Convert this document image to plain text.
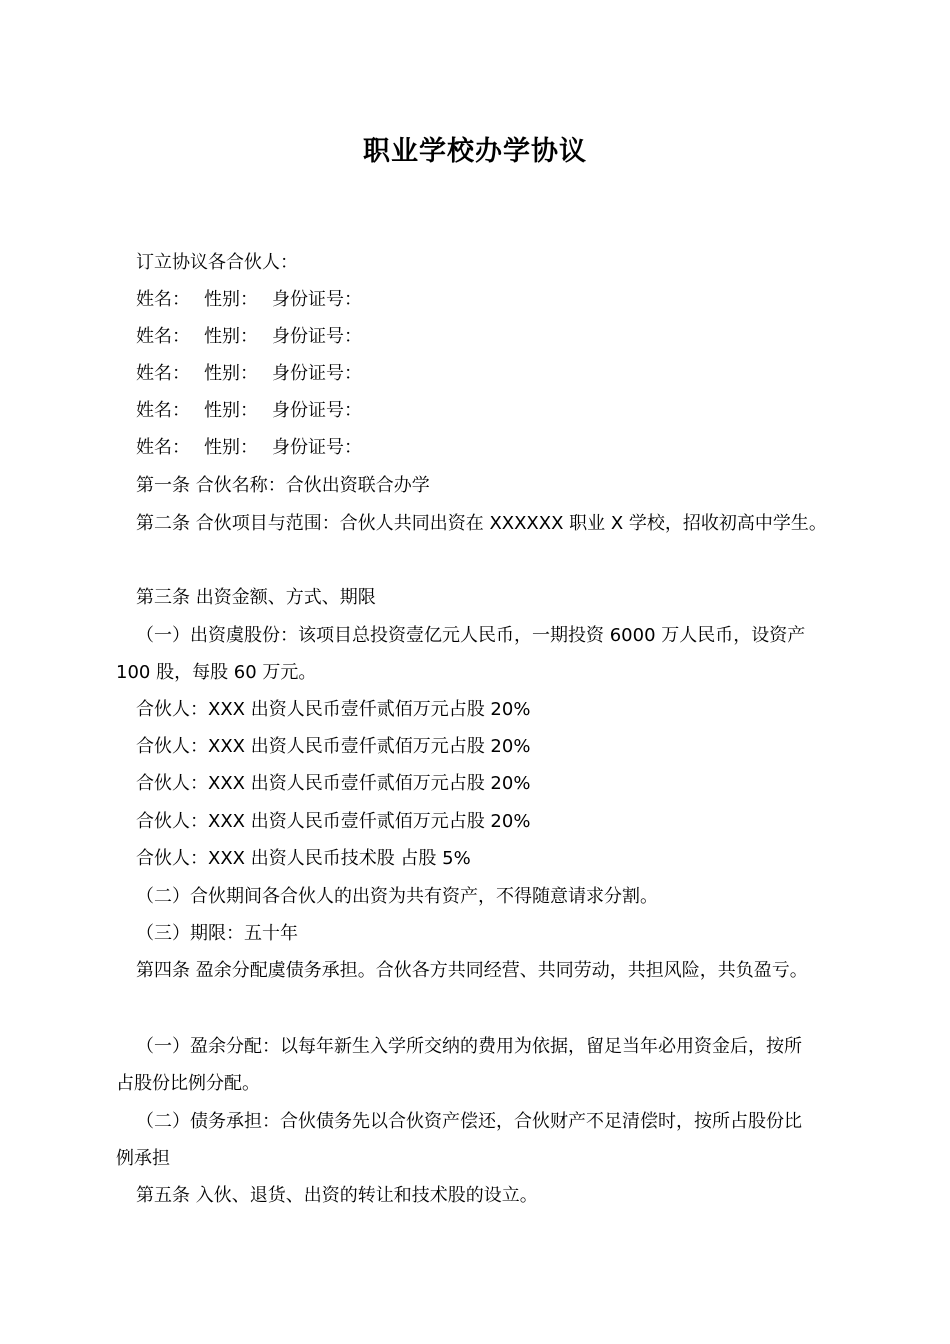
职业学校办学协议

订立协议各合伙人：

姓名： 性别： 身份证号：

姓名： 性别： 身份证号：

姓名： 性别： 身份证号：

姓名： 性别： 身份证号：

姓名： 性别： 身份证号：

第一条 合伙名称：合伙出资联合办学

第二条 合伙项目与范围：合伙人共同出资在 XXXXXX 职业 X 学校，招收初高中学生。

第三条 出资金额、方式、期限

（一）出资虞股份：该项目总投资壹亿元人民币，一期投资 6000 万人民币，设资产

100 股，每股 60 万元。

合伙人：XXX 出资人民币壹仟贰佰万元占股 20%

合伙人：XXX 出资人民币壹仟贰佰万元占股 20%

合伙人：XXX 出资人民币壹仟贰佰万元占股 20%

合伙人：XXX 出资人民币壹仟贰佰万元占股 20%

合伙人：XXX 出资人民币技术股 占股 5%

（二）合伙期间各合伙人的出资为共有资产，不得随意请求分割。

（三）期限：五十年

第四条 盈余分配虞债务承担。合伙各方共同经营、共同劳动，共担风险，共负盈亏。

（一）盈余分配：以每年新生入学所交纳的费用为依据，留足当年必用资金后，按所

占股份比例分配。

（二）债务承担：合伙债务先以合伙资产偿还，合伙财产不足清偿时，按所占股份比

例承担

第五条 入伙、退货、出资的转让和技术股的设立。
